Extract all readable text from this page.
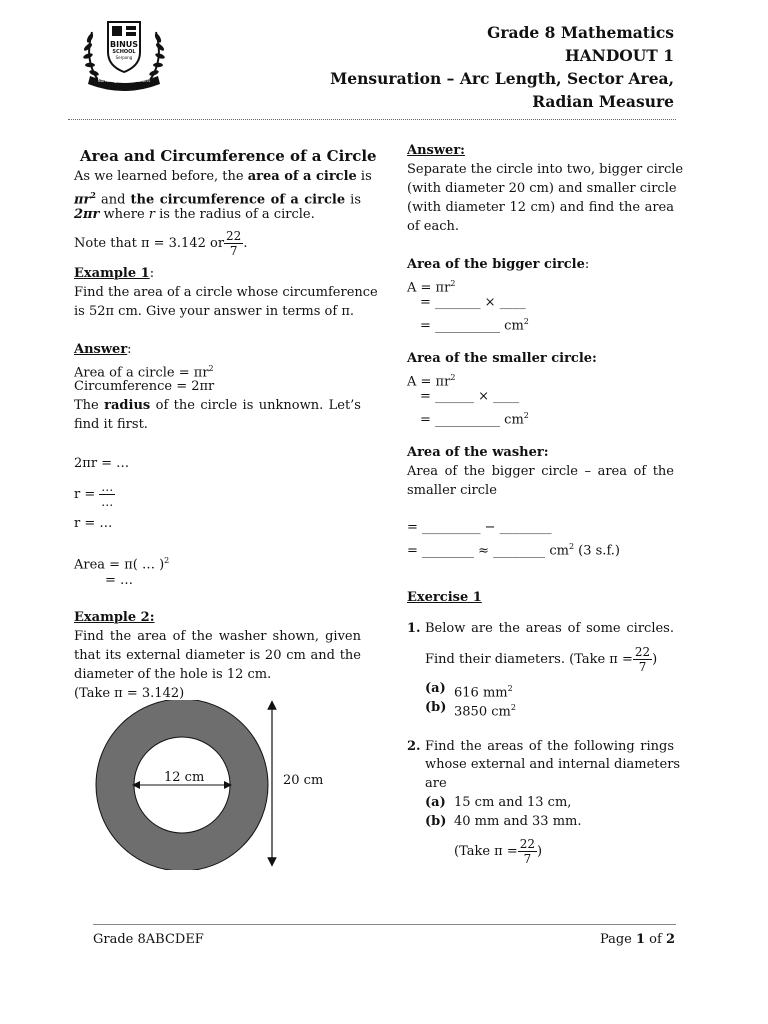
BINUS
SCHOOL
Serpong
Nurturing · Future Leaders
Grade 8 Mathematics
HANDOUT 1
Mensuration – Arc Length, Sector Area,
Radian Measure
Area and Circumference of a Circle
As we learned before, the area of a circle is
$\pi r^2$ and the circumference of a circle is
2πr where r is the radius of a circle.
Note that π = 3.142 or $\frac{22}{7}$ .
Example 1:
Find the area of a circle whose circumference
is 52π cm. Give your answer in terms of π.
Answer:
Area of a circle = $\pi r^2$
Circumference = 2πr
The radius of the circle is unknown. Let’s
find it first.
2πr = …
$r = \frac{\dots}{\dots}$
r = …
Area = π( … )$^2$
= …
Example 2:
Find the area of the washer shown, given
that its external diameter is 20 cm and the
diameter of the hole is 12 cm.
(Take π = 3.142)
12 cm	20 cm
Answer:
Separate the circle into two, bigger circle
(with diameter 20 cm) and smaller circle
(with diameter 12 cm) and find the area
of each.
Area of the bigger circle:
$A = \pi r^2$
= _______ × ____
= __________ $cm^2$
Area of the smaller circle:
$A = \pi r^2$
= ______ × ____
= __________ $cm^2$
Area of the washer:
Area of the bigger circle – area of the
smaller circle
= _________ − ________
= ________ ≈ ________ $cm^2$ (3 s.f.)
Exercise 1
1. Below are the areas of some circles.
Find their diameters. (Take $\pi = \frac{22}{7}$ )
(a) 616 $mm^2$
(b) 3850 $cm^2$
2. Find the areas of the following rings
whose external and internal diameters
are
(a) 15 cm and 13 cm,
(b) 40 mm and 33 mm.
(Take $\pi = \frac{22}{7}$ )
Grade 8ABCDEF	Page 1 of 2
